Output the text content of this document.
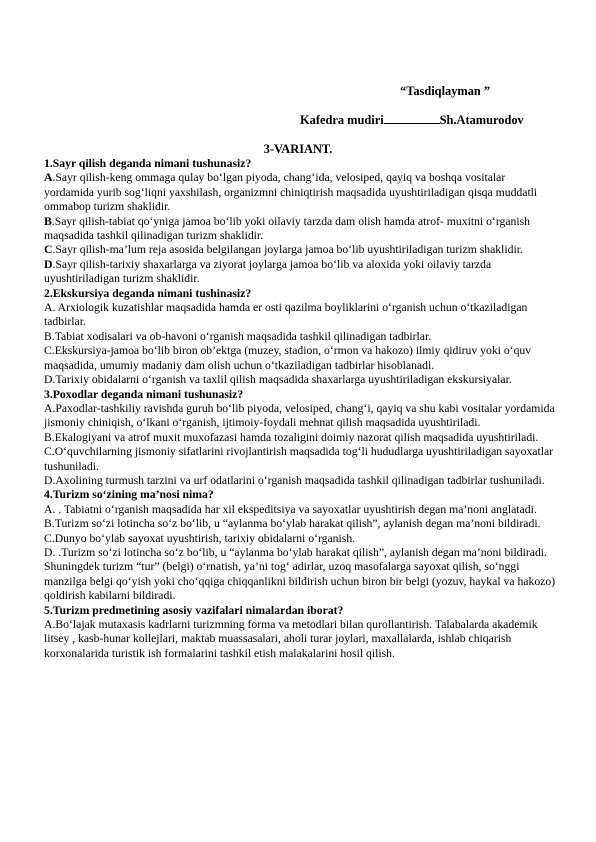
“Tasdiqlayman ”
Kafedra mudiri	Sh.Atamurodov
3-VARIANT.

1.Sayr qilish deganda nimani tushunasiz?

A.Sayr qilish-keng ommaga qulay bo‘lgan piyoda, chang‘ida, velosiped, qayiq va boshqa vositalar yordamida yurib sog‘liqni yaxshilash, organizmni chiniqtirish maqsadida uyushtiriladigan qisqa muddatli ommabop turizm shaklidir.

B.Sayr qilish-tabiat qo‘yniga jamoa bo‘lib yoki oilaviy tarzda dam olish hamda atrof- muxitni o‘rganish maqsadida tashkil qilinadigan turizm shaklidir.

C.Sayr qilish-ma’lum reja asosida belgilangan joylarga jamoa bo‘lib uyushtiriladigan turizm shaklidir.

D.Sayr qilish-tarixiy shaxarlarga va ziyorat joylarga jamoa bo‘lib va aloxida yoki oilaviy tarzda uyushtiriladigan turizm shaklidir.

2.Ekskursiya deganda nimani tushinasiz?

A. Arxiologik kuzatishlar maqsadida hamda er osti qazilma boyliklarini o‘rganish uchun o‘tkaziladigan tadbirlar.

B.Tabiat xodisalari va ob-havoni o‘rganish maqsadida tashkil qilinadigan tadbirlar.

C.Ekskursiya-jamoa bo‘lib biron ob’ektga (muzey, stadion, o‘rmon va hakozo) ilmiy qidiruv yoki o‘quv maqsadida, umumiy madaniy dam olish uchun o‘tkaziladigan tadbirlar hisoblanadi.

D.Tarixiy obidalarni o‘rganish va taxlil qilish maqsadida shaxarlarga uyushtiriladigan ekskursiyalar.

3.Poxodlar deganda nimani tushunasiz?

A.Paxodlar-tashkiliy ravishda guruh bo‘lib piyoda, velosiped, chang‘i, qayiq va shu kabi vositalar yordamida jismoniy chiniqish, o‘lkani o‘rganish, ijtimoiy-foydali mehnat qilish maqsadida uyushtiriladi.

B.Ekalogiyani va atrof muxit muxofazasi hamda tozaligini doimiy nazorat qilish maqsadida uyushtiriladi.

C.O‘quvchilarning jismoniy sifatlarini rivojlantirish maqsadida tog‘li hududlarga uyushtiriladigan sayoxatlar tushuniladi.

D.Axolining turmush tarzini va urf odatlarini o‘rganish maqsadida tashkil qilinadigan tadbirlar tushuniladi.

4.Turizm so‘zining ma’nosi nima?

A. . Tabiatni o‘rganish maqsadida har xil ekspeditsiya va sayoxatlar uyushtirish degan ma’noni anglatadi.

B.Turizm so‘zi lotincha so‘z bo‘lib, u “aylanma bo‘ylab harakat qilish”, aylanish degan ma’noni bildiradi.

C.Dunyo bo‘ylab sayoxat uyushtirish, tarixiy obidalarni o‘rganish.

D. .Turizm so‘zi lotincha so‘z bo‘lib, u “aylanma bo‘ylab harakat qilish”, aylanish degan ma’noni bildiradi. Shuningdek turizm “tur” (belgi) o‘rnatish, ya’ni tog‘ adirlar, uzoq masofalarga sayoxat qilish, so‘nggi manzilga belgi qo‘yish yoki cho‘qqiga chiqqanlikni bildirish uchun biron bir belgi (yozuv, haykal va hakozo) qoldirish kabilarni bildiradi.

5.Turizm predmetining asosiy vazifalari nimalardan iborat?

A.Bo‘lajak mutaxasis kadrlarni turizmning forma va metodlari bilan qurollantirish. Talabalarda akademik litsey , kasb-hunar kollejlari, maktab muassasalari, aholi turar joylari, maxallalarda, ishlab chiqarish korxonalarida turistik ish formalarini tashkil etish malakalarini hosil qilish.
